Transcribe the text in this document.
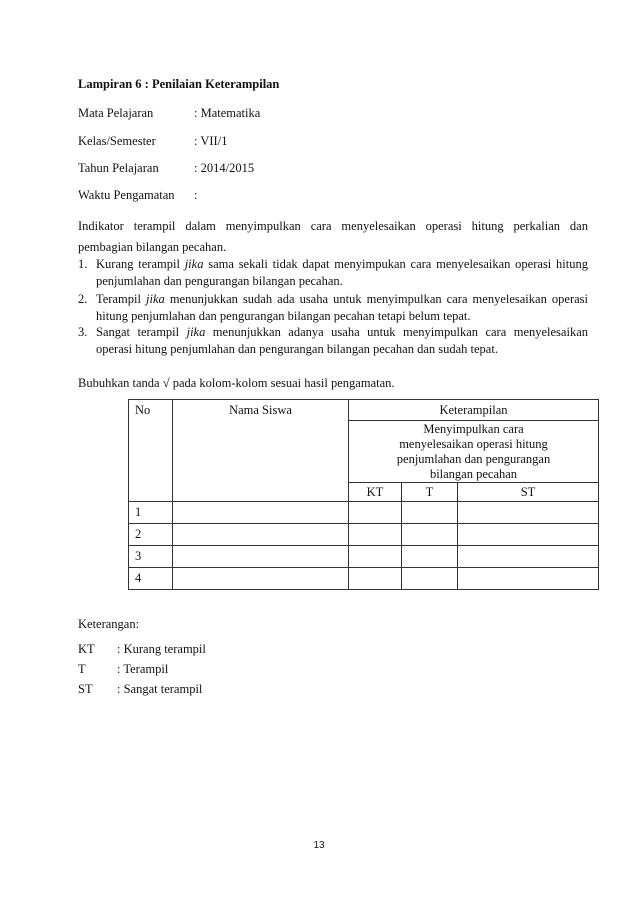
Lampiran 6 : Penilaian Keterampilan
Mata Pelajaran	: Matematika
Kelas/Semester	: VII/1
Tahun Pelajaran	: 2014/2015
Waktu Pengamatan :
Indikator terampil dalam menyimpulkan cara menyelesaikan operasi hitung perkalian dan
pembagian bilangan pecahan.
1. Kurang terampil jika sama sekali tidak dapat menyimpukan cara menyelesaikan operasi hitung
penjumlahan dan pengurangan bilangan pecahan.
2. Terampil jika menunjukkan sudah ada usaha untuk menyimpulkan cara menyelesaikan operasi
hitung penjumlahan dan pengurangan bilangan pecahan tetapi belum tepat.
3. Sangat terampil jika menunjukkan adanya usaha untuk menyimpulkan cara menyelesaikan
operasi hitung penjumlahan dan pengurangan bilangan pecahan dan sudah tepat.
Bubuhkan tanda √ pada kolom-kolom sesuai hasil pengamatan.
No	Nama Siswa	Keterampilan		

		Menyimpulkan cara
menyelesaikan operasi hitung
penjumlahan dan pengurangan
bilangan pecahan		

		KT	T	ST
1				
2				
3				
4				
Keterangan:
KT : Kurang terampil
T	: Terampil
ST : Sangat terampil
13
